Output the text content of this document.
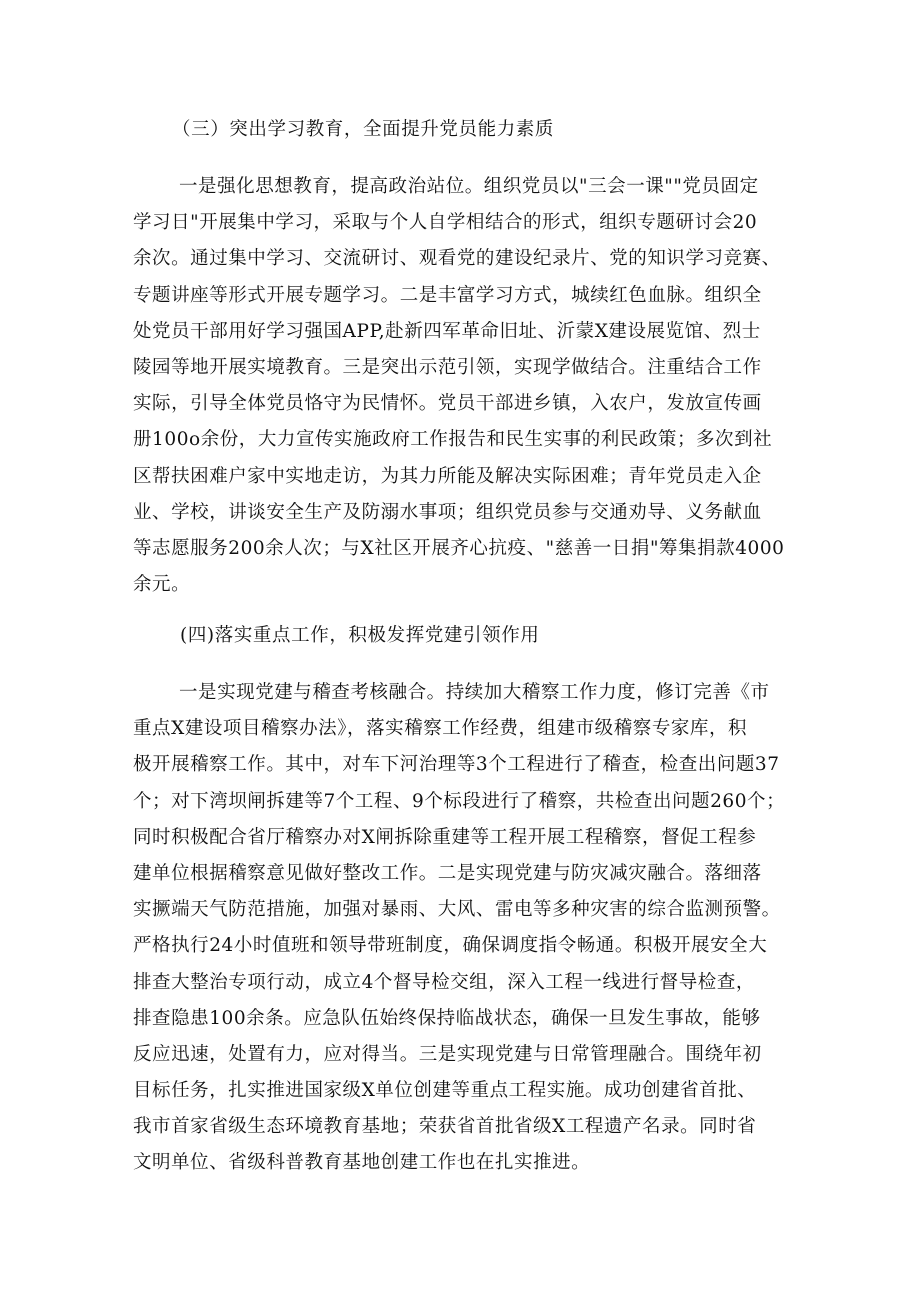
（三）突出学习教育，全面提升党员能力素质
一是强化思想教育，提高政治站位。组织党员以"三会一课""党员固定
学习日"开展集中学习，采取与个人自学相结合的形式，组织专题研讨会20
余次。通过集中学习、交流研讨、观看党的建设纪录片、党的知识学习竞赛、
专题讲座等形式开展专题学习。二是丰富学习方式，城续红色血脉。组织全
处党员干部用好学习强国APP,赴新四军革命旧址、沂蒙X建设展览馆、烈士
陵园等地开展实境教育。三是突出示范引领，实现学做结合。注重结合工作
实际，引导全体党员恪守为民情怀。党员干部进乡镇，入农户，发放宣传画
册100o余份，大力宣传实施政府工作报告和民生实事的利民政策；多次到社
区帮扶困难户家中实地走访，为其力所能及解决实际困难；青年党员走入企
业、学校，讲谈安全生产及防溺水事项；组织党员参与交通劝导、义务献血
等志愿服务200余人次；与X社区开展齐心抗疫、"慈善一日捐"筹集捐款4000
余元。
(四)落实重点工作，积极发挥党建引领作用
一是实现党建与稽查考核融合。持续加大稽察工作力度，修订完善《市
重点X建设项目稽察办法》，落实稽察工作经费，组建市级稽察专家库，积
极开展稽察工作。其中，对车下河治理等3个工程进行了稽查，检查出问题37
个；对下湾坝闸拆建等7个工程、9个标段进行了稽察，共检查出问题260个；
同时积极配合省厅稽察办对X闸拆除重建等工程开展工程稽察，督促工程参
建单位根据稽察意见做好整改工作。二是实现党建与防灾减灾融合。落细落
实撅端天气防范措施，加强对暴雨、大风、雷电等多种灾害的综合监测预警。
严格执行24小时值班和领导带班制度，确保调度指令畅通。积极开展安全大
排查大整治专项行动，成立4个督导检交组，深入工程一线进行督导检查，
排查隐患100余条。应急队伍始终保持临战状态，确保一旦发生事故，能够
反应迅速，处置有力，应对得当。三是实现党建与日常管理融合。围绕年初
目标任务，扎实推进国家级X单位创建等重点工程实施。成功创建省首批、
我市首家省级生态环境教育基地；荣获省首批省级X工程遗产名录。同时省
文明单位、省级科普教育基地创建工作也在扎实推进。
